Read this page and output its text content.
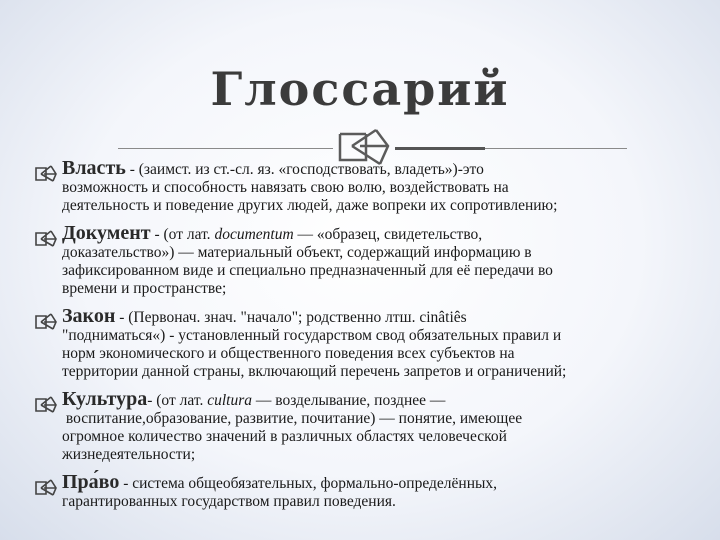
Глоссарий
Власть - (заимст. из ст.-сл. яз. «господствовать, владеть»)-это
возможность и способность навязать свою волю, воздействовать на
деятельность и поведение других людей, даже вопреки их сопротивлению;
Документ - (от лат. documentum — «образец, свидетельство,
доказательство») — материальный объект, содержащий информацию в
зафиксированном виде и специально предназначенный для её передачи во
времени и пространстве;
Закон - (Первонач. знач. "начало"; родственно лтш. cinâtiês
"подниматься«) - установленный государством свод обязательных правил и
норм экономического и общественного поведения всех субъектов на
территории данной страны, включающий перечень запретов и ограничений;
Культура- (от лат. cultura — возделывание, позднее —
воспитание,образование, развитие, почитание) — понятие, имеющее
огромное количество значений в различных областях человеческой
жизнедеятельности;
Пра́во - система общеобязательных, формально-определённых,
гарантированных государством правил поведения.
